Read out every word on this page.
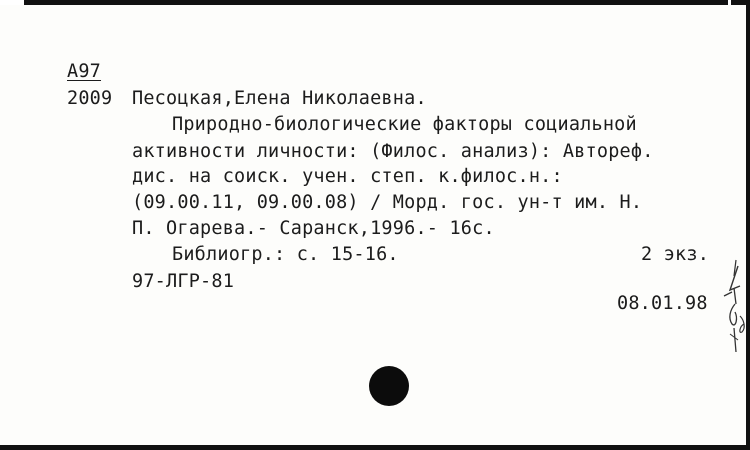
А97
2009 Песоцкая,Елена Николаевна.
Природно-биологические факторы социальной
активности личности: (Филос. анализ): Автореф.
дис. на соиск. учен. степ. к.филос.н.:
(09.00.11, 09.00.08) / Морд. гос. ун-т им. Н.
П. Огарева.- Саранск,1996.- 16с.
Библиогр.: с. 15-16.	2 экз.
97-ЛГР-81
08.01.98
